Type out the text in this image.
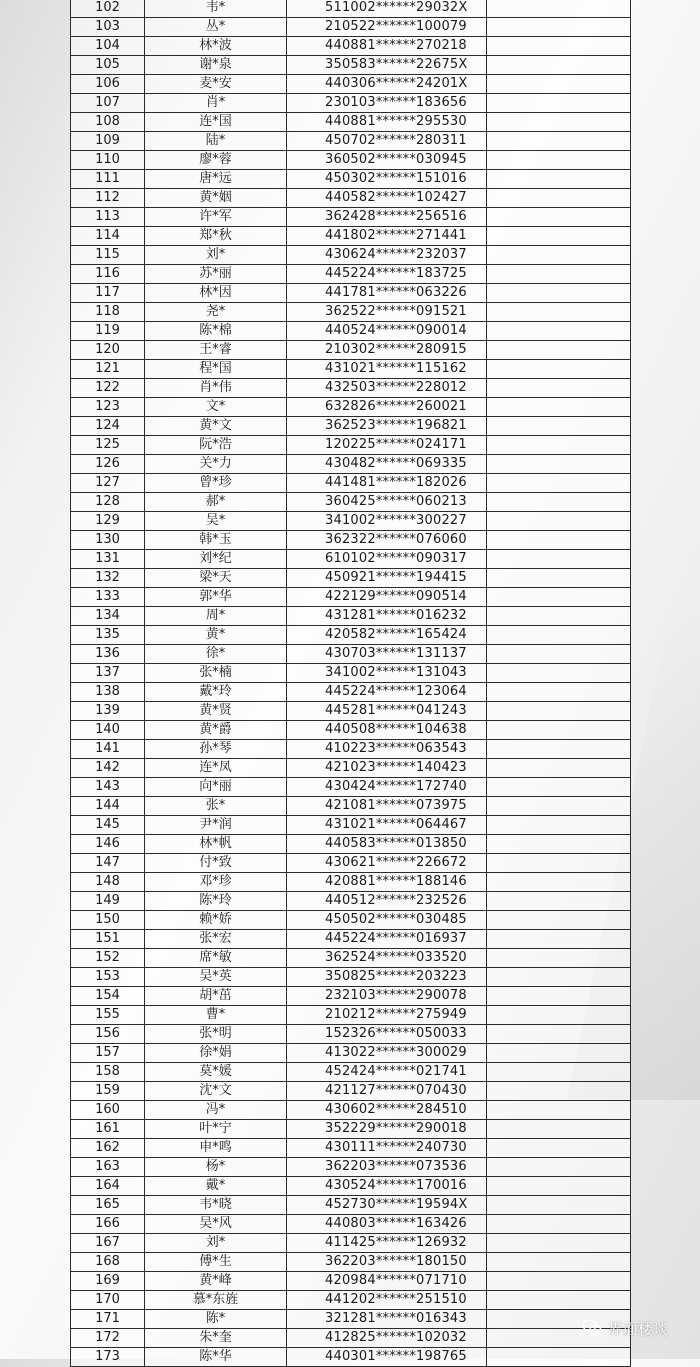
102	韦*	511002******29032X	
103	丛*	210522******100079	
104	林*波	440881******270218	
105	谢*泉	350583******22675X	
106	麦*安	440306******24201X	
107	肖*	230103******183656	
108	连*国	440881******295530	
109	陆*	450702******280311	
110	廖*蓉	360502******030945	
111	唐*远	450302******151016	
112	黄*姻	440582******102427	
113	许*军	362428******256516	
114	郑*秋	441802******271441	
115	刘*	430624******232037	
116	苏*丽	445224******183725	
117	林*因	441781******063226	
118	尧*	362522******091521	
119	陈*棉	440524******090014	
120	王*睿	210302******280915	
121	程*国	431021******115162	
122	肖*伟	432503******228012	
123	文*	632826******260021	
124	黄*文	362523******196821	
125	阮*浩	120225******024171	
126	关*力	430482******069335	
127	曾*珍	441481******182026	
128	郝*	360425******060213	
129	吴*	341002******300227	
130	韩*玉	362322******076060	
131	刘*纪	610102******090317	
132	梁*天	450921******194415	
133	郭*华	422129******090514	
134	周*	431281******016232	
135	黄*	420582******165424	
136	徐*	430703******131137	
137	张*楠	341002******131043	
138	戴*玲	445224******123064	
139	黄*贤	445281******041243	
140	黄*爵	440508******104638	
141	孙*琴	410223******063543	
142	连*凤	421023******140423	
143	向*丽	430424******172740	
144	张*	421081******073975	
145	尹*润	431021******064467	
146	林*帆	440583******013850	
147	付*致	430621******226672	
148	邓*珍	420881******188146	
149	陈*玲	440512******232526	
150	赖*娇	450502******030485	
151	张*宏	445224******016937	
152	席*敏	362524******033520	
153	吴*英	350825******203223	
154	胡*茁	232103******290078	
155	曹*	210212******275949	
156	张*明	152326******050033	
157	徐*娟	413022******300029	
158	莫*媛	452424******021741	
159	沈*文	421127******070430	
160	冯*	430602******284510	
161	叶*宁	352229******290018	
162	申*鸣	430111******240730	
163	杨*	362203******073536	
164	戴*	430524******170016	
165	韦*晓	452730******19594X	
166	吴*风	440803******163426	
167	刘*	411425******126932	
168	傅*生	362203******180150	
169	黄*峰	420984******071710	
170	慕*东旌	441202******251510	
171	陈*	321281******016343	
172	朱*奎	412825******102032	
173	陈*华	440301******198765	
界面楼谈
